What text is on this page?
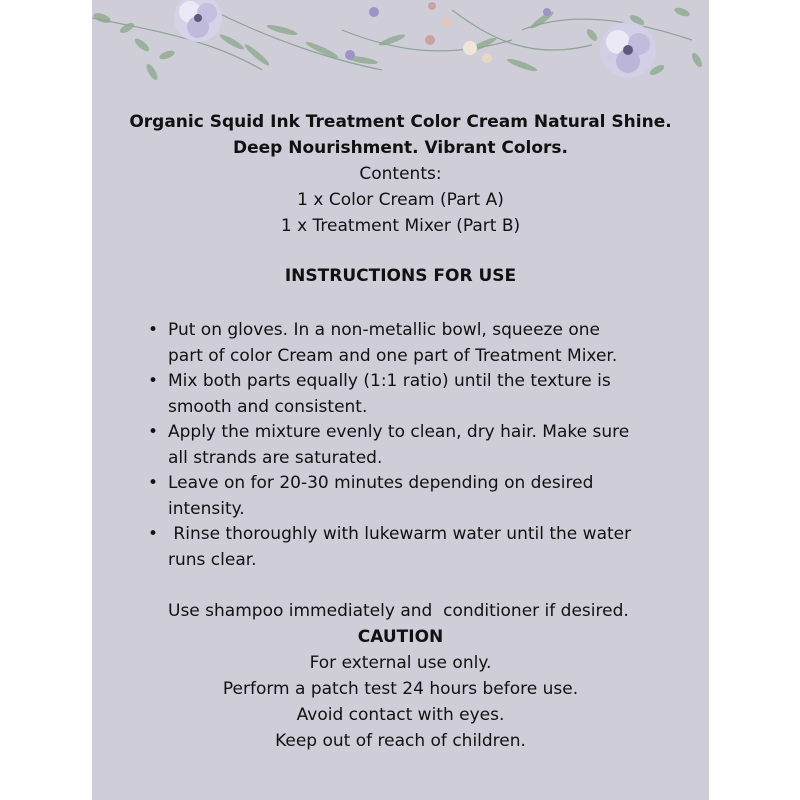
Organic Squid Ink Treatment Color Cream Natural Shine.
Deep Nourishment. Vibrant Colors.
Contents:
1 x Color Cream (Part A)
1 x Treatment Mixer (Part B)
INSTRUCTIONS FOR USE
• Put on gloves. In a non-metallic bowl, squeeze one
part of color Cream and one part of Treatment Mixer.
• Mix both parts equally (1:1 ratio) until the texture is
smooth and consistent.
• Apply the mixture evenly to clean, dry hair. Make sure
all strands are saturated.
• Leave on for 20-30 minutes depending on desired
intensity.
• Rinse thoroughly with lukewarm water until the water
runs clear.
Use shampoo immediately and  conditioner if desired.
CAUTION
For external use only.
Perform a patch test 24 hours before use.
Avoid contact with eyes.
Keep out of reach of children.
